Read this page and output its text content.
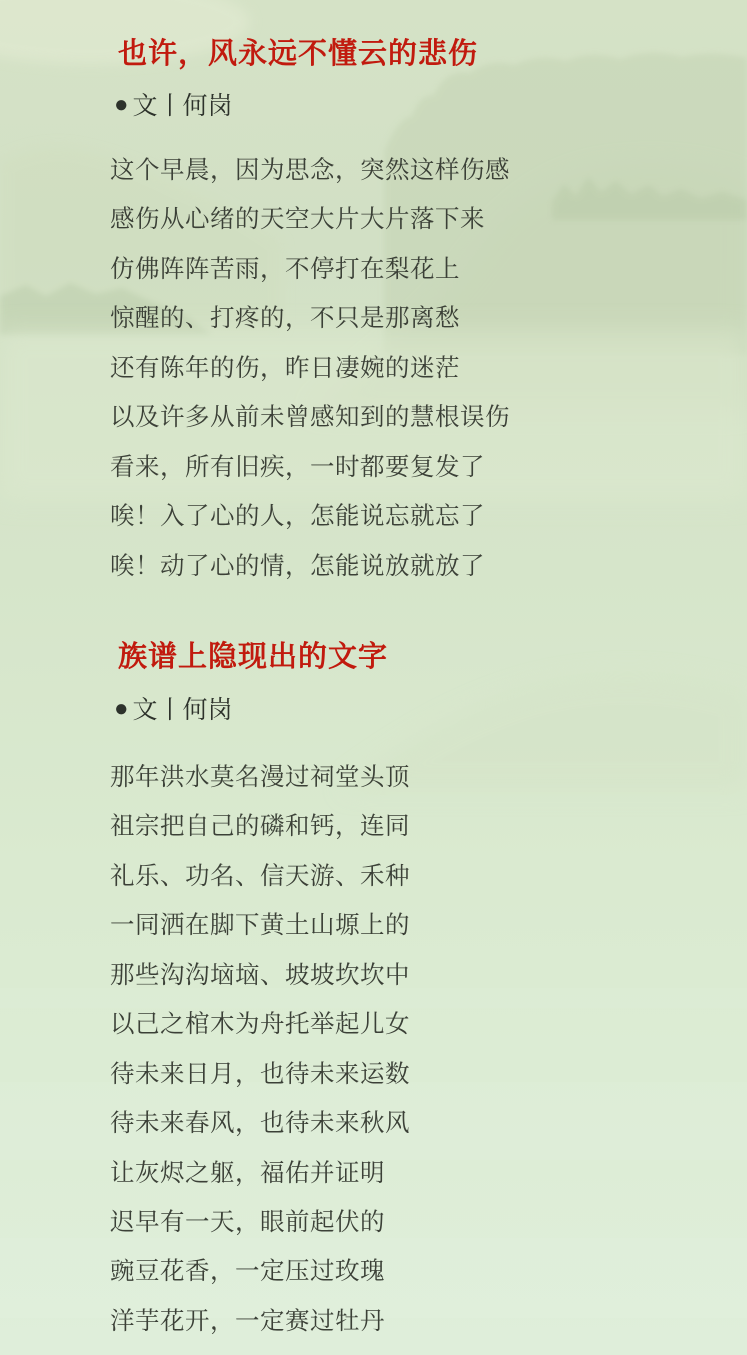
也许，风永远不懂云的悲伤
● 文丨何岗

这个早晨，因为思念，突然这样伤感

感伤从心绪的天空大片大片落下来

仿佛阵阵苦雨，不停打在梨花上

惊醒的、打疼的，不只是那离愁

还有陈年的伤，昨日凄婉的迷茫

以及许多从前未曾感知到的慧根误伤

看来，所有旧疾，一时都要复发了

唉！入了心的人，怎能说忘就忘了

唉！动了心的情，怎能说放就放了

族谱上隐现出的文字
● 文丨何岗

那年洪水莫名漫过祠堂头顶

祖宗把自己的磷和钙，连同

礼乐、功名、信天游、禾种

一同洒在脚下黄土山塬上的

那些沟沟垴垴、坡坡坎坎中

以己之棺木为舟托举起儿女

待未来日月，也待未来运数

待未来春风，也待未来秋风

让灰烬之躯，福佑并证明

迟早有一天，眼前起伏的

豌豆花香，一定压过玫瑰

洋芋花开，一定赛过牡丹
